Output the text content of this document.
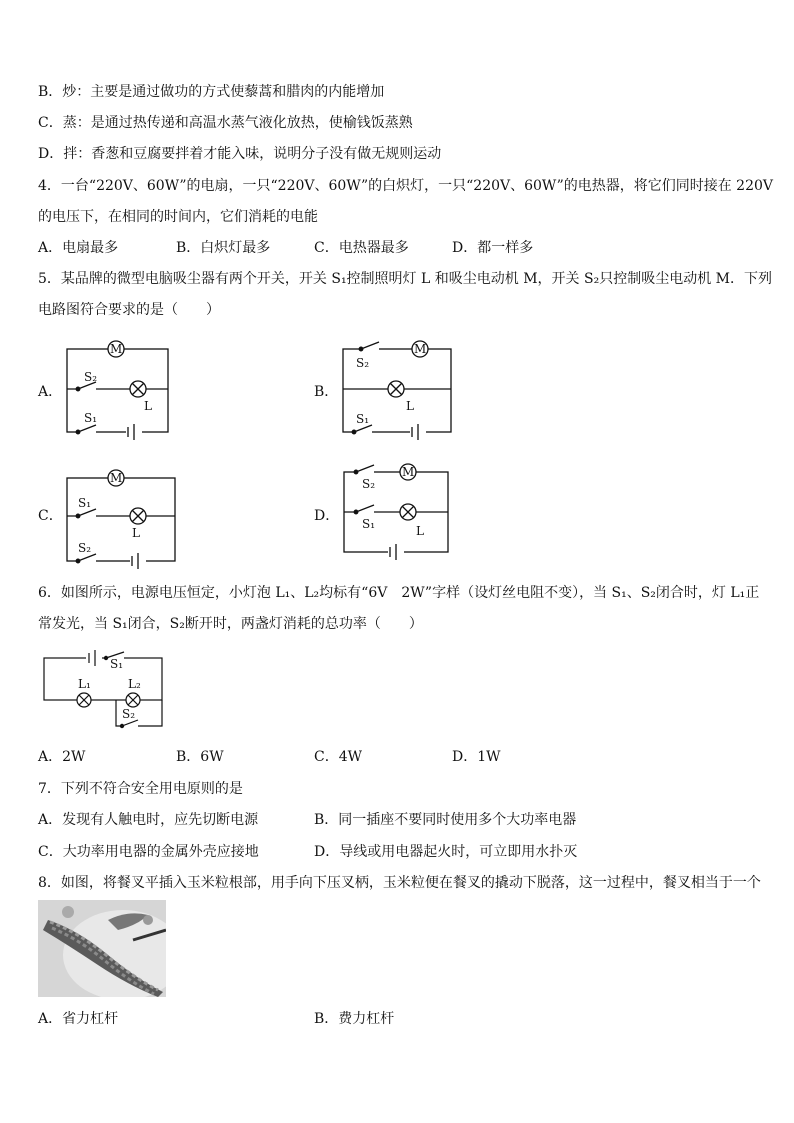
B．炒：主要是通过做功的方式使藜蒿和腊肉的内能增加
C．蒸：是通过热传递和高温水蒸气液化放热，使榆钱饭蒸熟
D．拌：香葱和豆腐要拌着才能入味，说明分子没有做无规则运动
4．一台“220V、60W”的电扇，一只“220V、60W”的白炽灯，一只“220V、60W”的电热器，将它们同时接在 220V
的电压下，在相同的时间内，它们消耗的电能
A．电扇最多	B．白炽灯最多	C．电热器最多	D．都一样多
5．某品牌的微型电脑吸尘器有两个开关，开关 S₁控制照明灯 L 和吸尘电动机 M，开关 S₂只控制吸尘电动机 M．下列
电路图符合要求的是（　　）
A．
M
S₂
L
S₁
B．
M
S₂
L
S₁
C．
M
S₁
L
S₂
D．
M
S₂
S₁	L
6．如图所示，电源电压恒定，小灯泡 L₁、L₂均标有“6V　2W”字样（设灯丝电阻不变），当 S₁、S₂闭合时，灯 L₁正
常发光，当 S₁闭合，S₂断开时，两盏灯消耗的总功率（　　）
S₁
L₁	L₂
S₂
A．2W	B．6W	C．4W	D．1W
7．下列不符合安全用电原则的是
A．发现有人触电时，应先切断电源	B．同一插座不要同时使用多个大功率电器
C．大功率用电器的金属外壳应接地	D．导线或用电器起火时，可立即用水扑灭
8．如图，将餐叉平插入玉米粒根部，用手向下压叉柄，玉米粒便在餐叉的撬动下脱落，这一过程中，餐叉相当于一个
A．省力杠杆	B．费力杠杆
